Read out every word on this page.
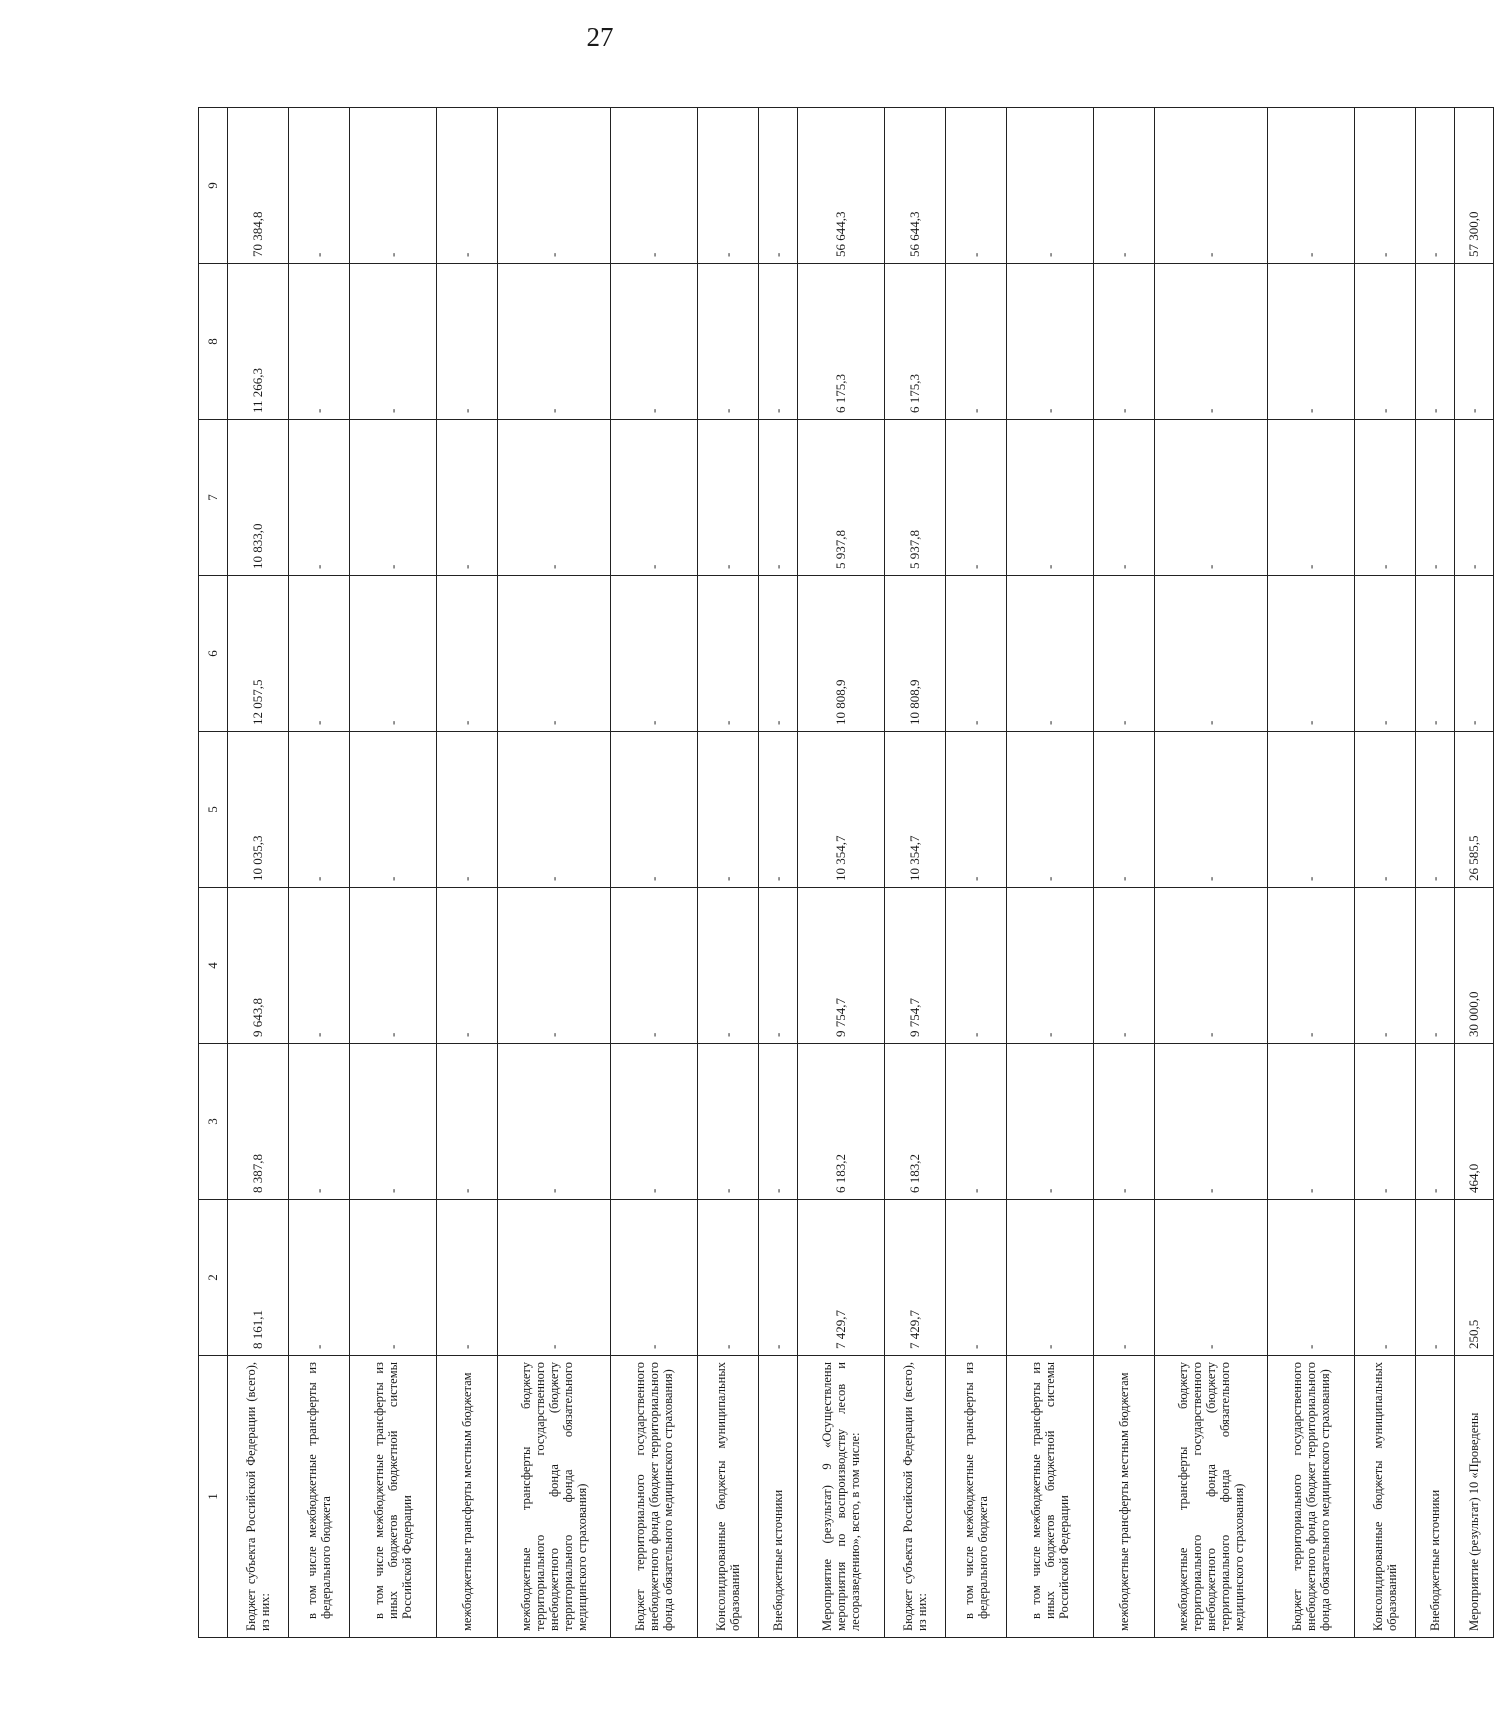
27
1	2	3	4	5	6	7	8	9
Бюджет субъекта Российской Федерации (всего), из них:	8 161,1	8 387,8	9 643,8	10 035,3	12 057,5	10 833,0	11 266,3	70 384,8
в том числе межбюджетные трансферты из федерального бюджета	-	-	-	-	-	-	-	-
в том числе межбюджетные трансферты из иных бюджетов бюджетной системы Российской Федерации	-	-	-	-	-	-	-	-
межбюджетные трансферты местным бюджетам	-	-	-	-	-	-	-	-
межбюджетные трансферты бюджету территориального государственного внебюджетного фонда (бюджету территориального фонда обязательного медицинского страхования)	-	-	-	-	-	-	-	-
Бюджет территориального государственного внебюджетного фонда (бюджет территориального фонда обязательного медицинского страхования)	-	-	-	-	-	-	-	-
Консолидированные бюджеты муниципальных образований	-	-	-	-	-	-	-	-
Внебюджетные источники	-	-	-	-	-	-	-	-
Мероприятие (результат) 9 «Осуществлены мероприятия по воспроизводству лесов и лесоразведению», всего, в том числе:	7 429,7	6 183,2	9 754,7	10 354,7	10 808,9	5 937,8	6 175,3	56 644,3
Бюджет субъекта Российской Федерации (всего), из них:	7 429,7	6 183,2	9 754,7	10 354,7	10 808,9	5 937,8	6 175,3	56 644,3
в том числе межбюджетные трансферты из федерального бюджета	-	-	-	-	-	-	-	-
в том числе межбюджетные трансферты из иных бюджетов бюджетной системы Российской Федерации	-	-	-	-	-	-	-	-
межбюджетные трансферты местным бюджетам	-	-	-	-	-	-	-	-
межбюджетные трансферты бюджету территориального государственного внебюджетного фонда (бюджету территориального фонда обязательного медицинского страхования)	-	-	-	-	-	-	-	-
Бюджет территориального государственного внебюджетного фонда (бюджет территориального фонда обязательного медицинского страхования)	-	-	-	-	-	-	-	-
Консолидированные бюджеты муниципальных образований	-	-	-	-	-	-	-	-
Внебюджетные источники	-	-	-	-	-	-	-	-
Мероприятие (результат) 10 «Проведены	250,5	464,0	30 000,0	26 585,5	-	-	-	57 300,0
